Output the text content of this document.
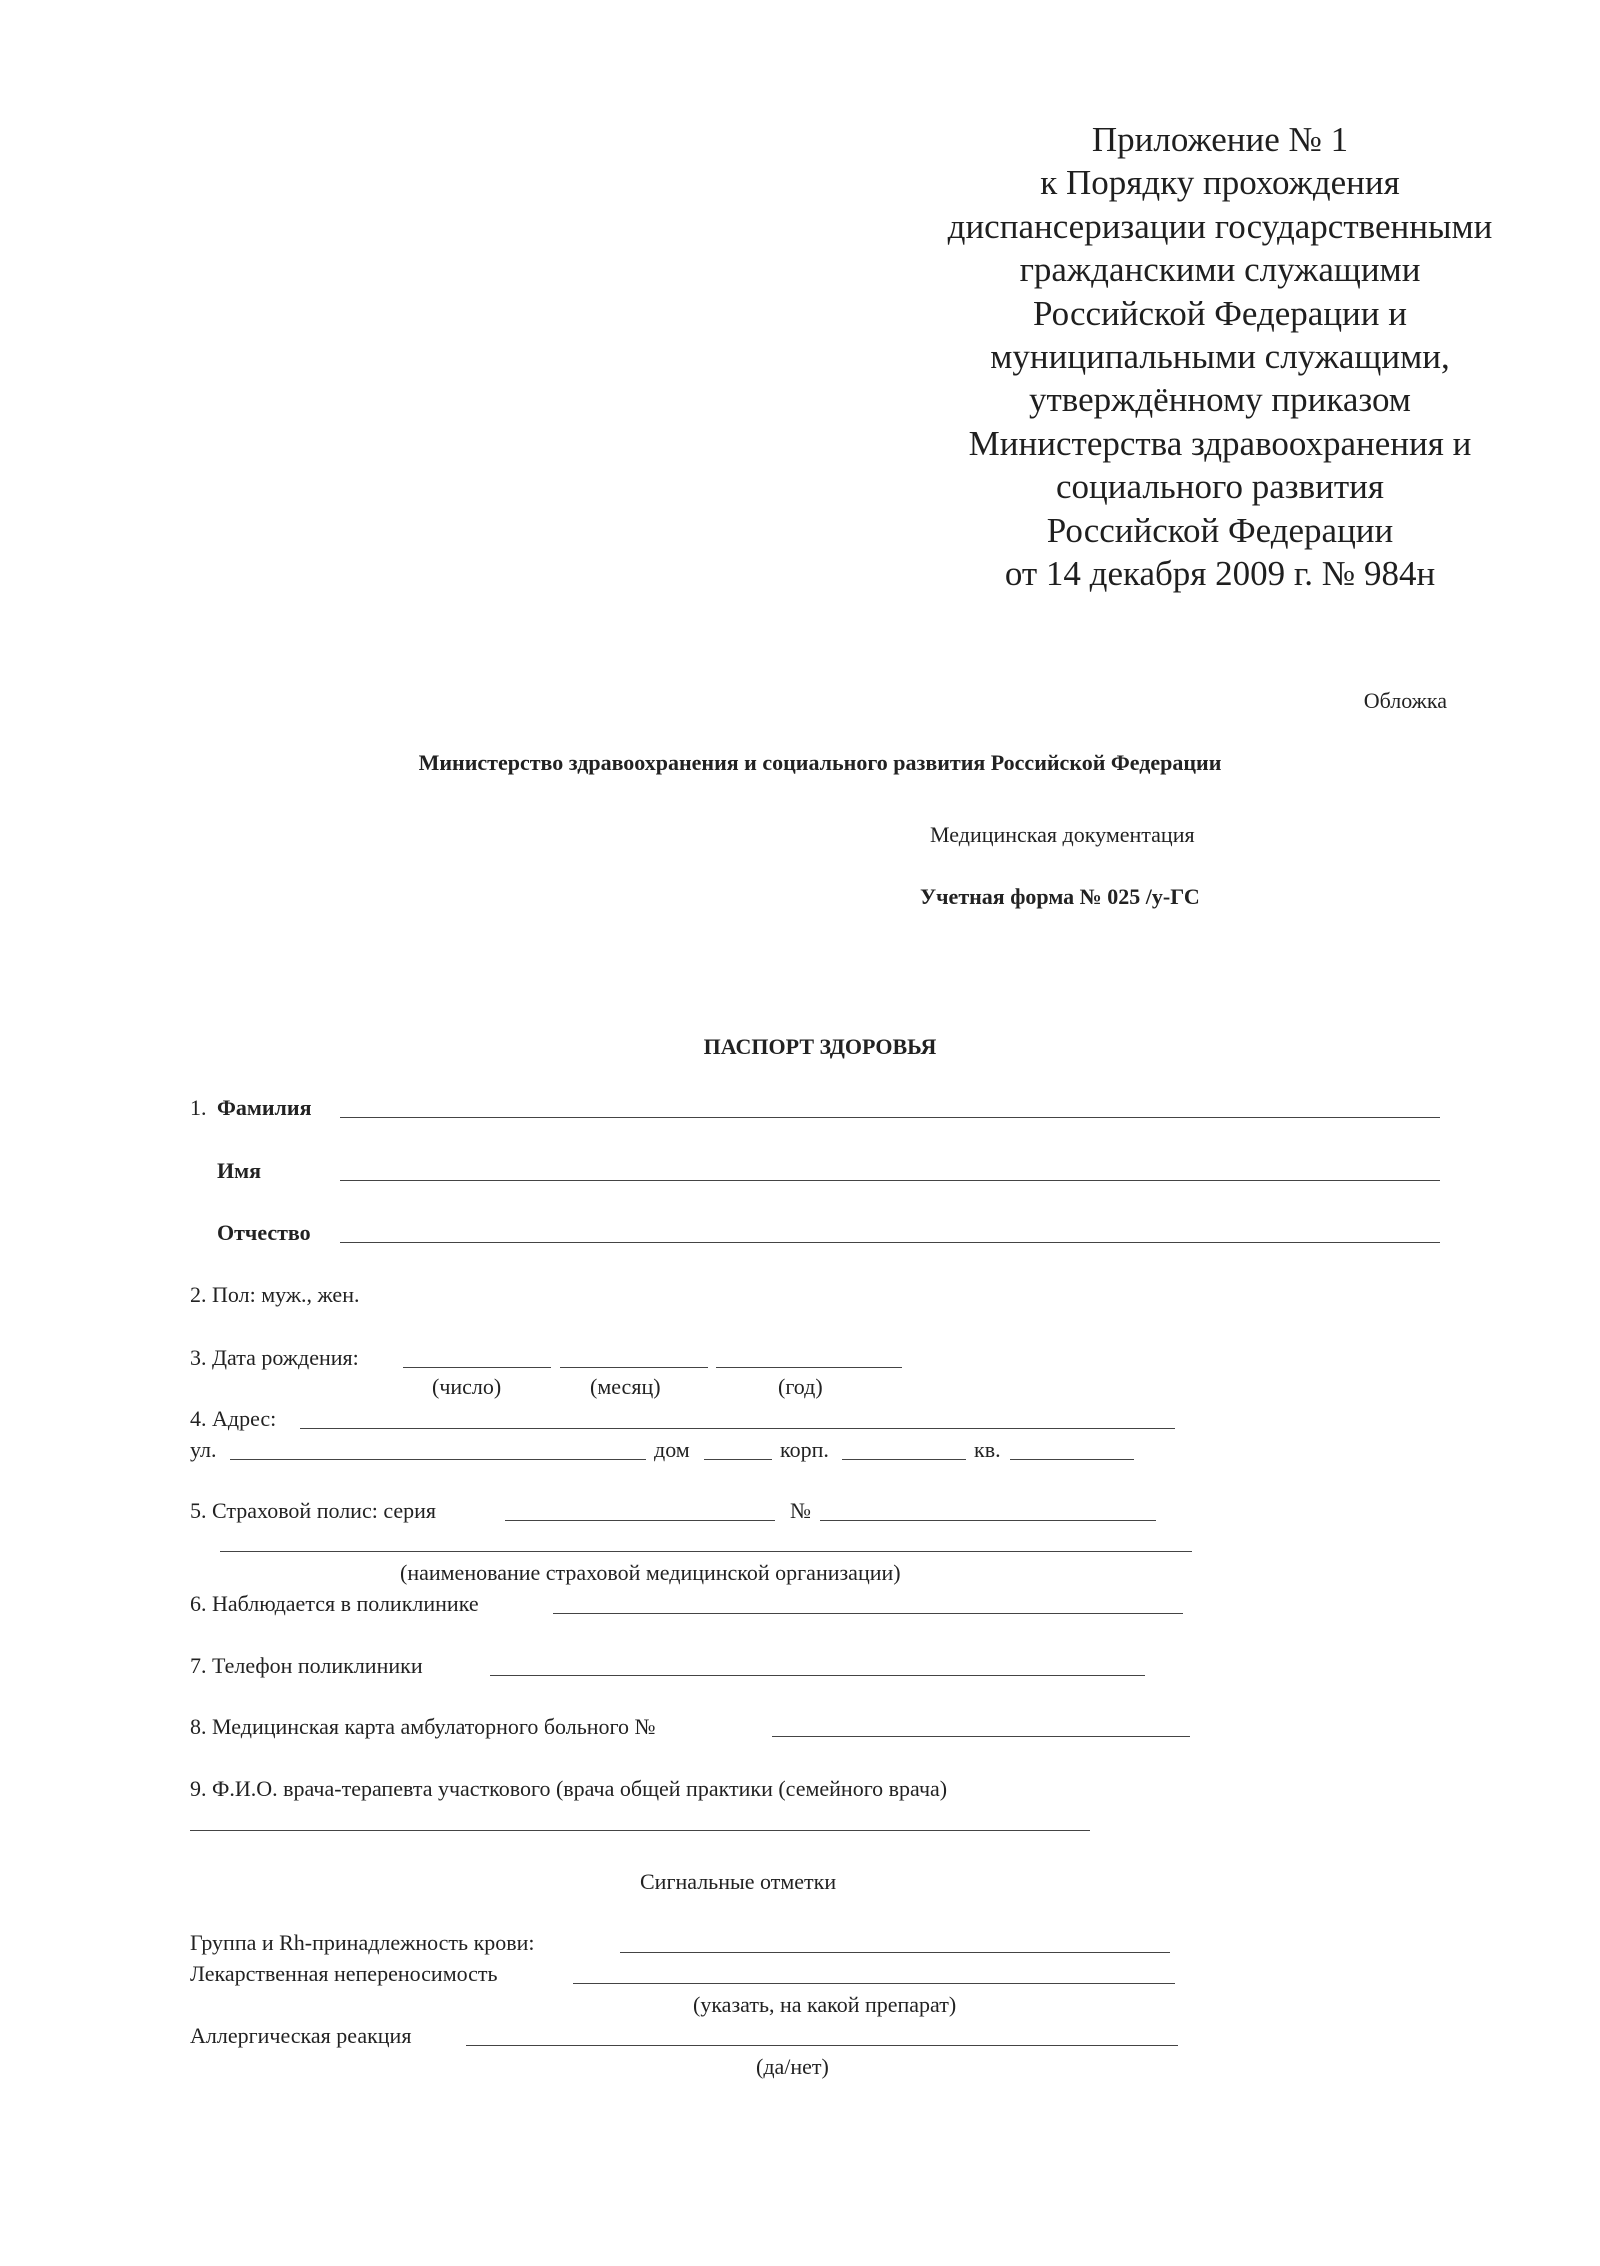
Приложение № 1
к Порядку прохождения
диспансеризации государственными
гражданскими служащими
Российской Федерации и
муниципальными служащими,
утверждённому приказом
Министерства здравоохранения и
социального развития
Российской Федерации
от 14 декабря 2009 г. № 984н
Обложка
Министерство здравоохранения и социального развития Российской Федерации
Медицинская документация
Учетная форма № 025 /у-ГС
ПАСПОРТ ЗДОРОВЬЯ
1. Фамилия
Имя
Отчество
2. Пол: муж., жен.
3. Дата рождения:
(число)	(месяц)	(год)
4. Адрес:
ул.	дом	корп.	кв.
5. Страховой полис: серия	№
(наименование страховой медицинской организации)
6. Наблюдается в поликлинике
7. Телефон поликлиники
8. Медицинская карта амбулаторного больного №
9. Ф.И.О. врача-терапевта участкового (врача общей практики (семейного врача)
Сигнальные отметки
Группа и Rh-принадлежность крови:
Лекарственная непереносимость
(указать, на какой препарат)
Аллергическая реакция
(да/нет)
